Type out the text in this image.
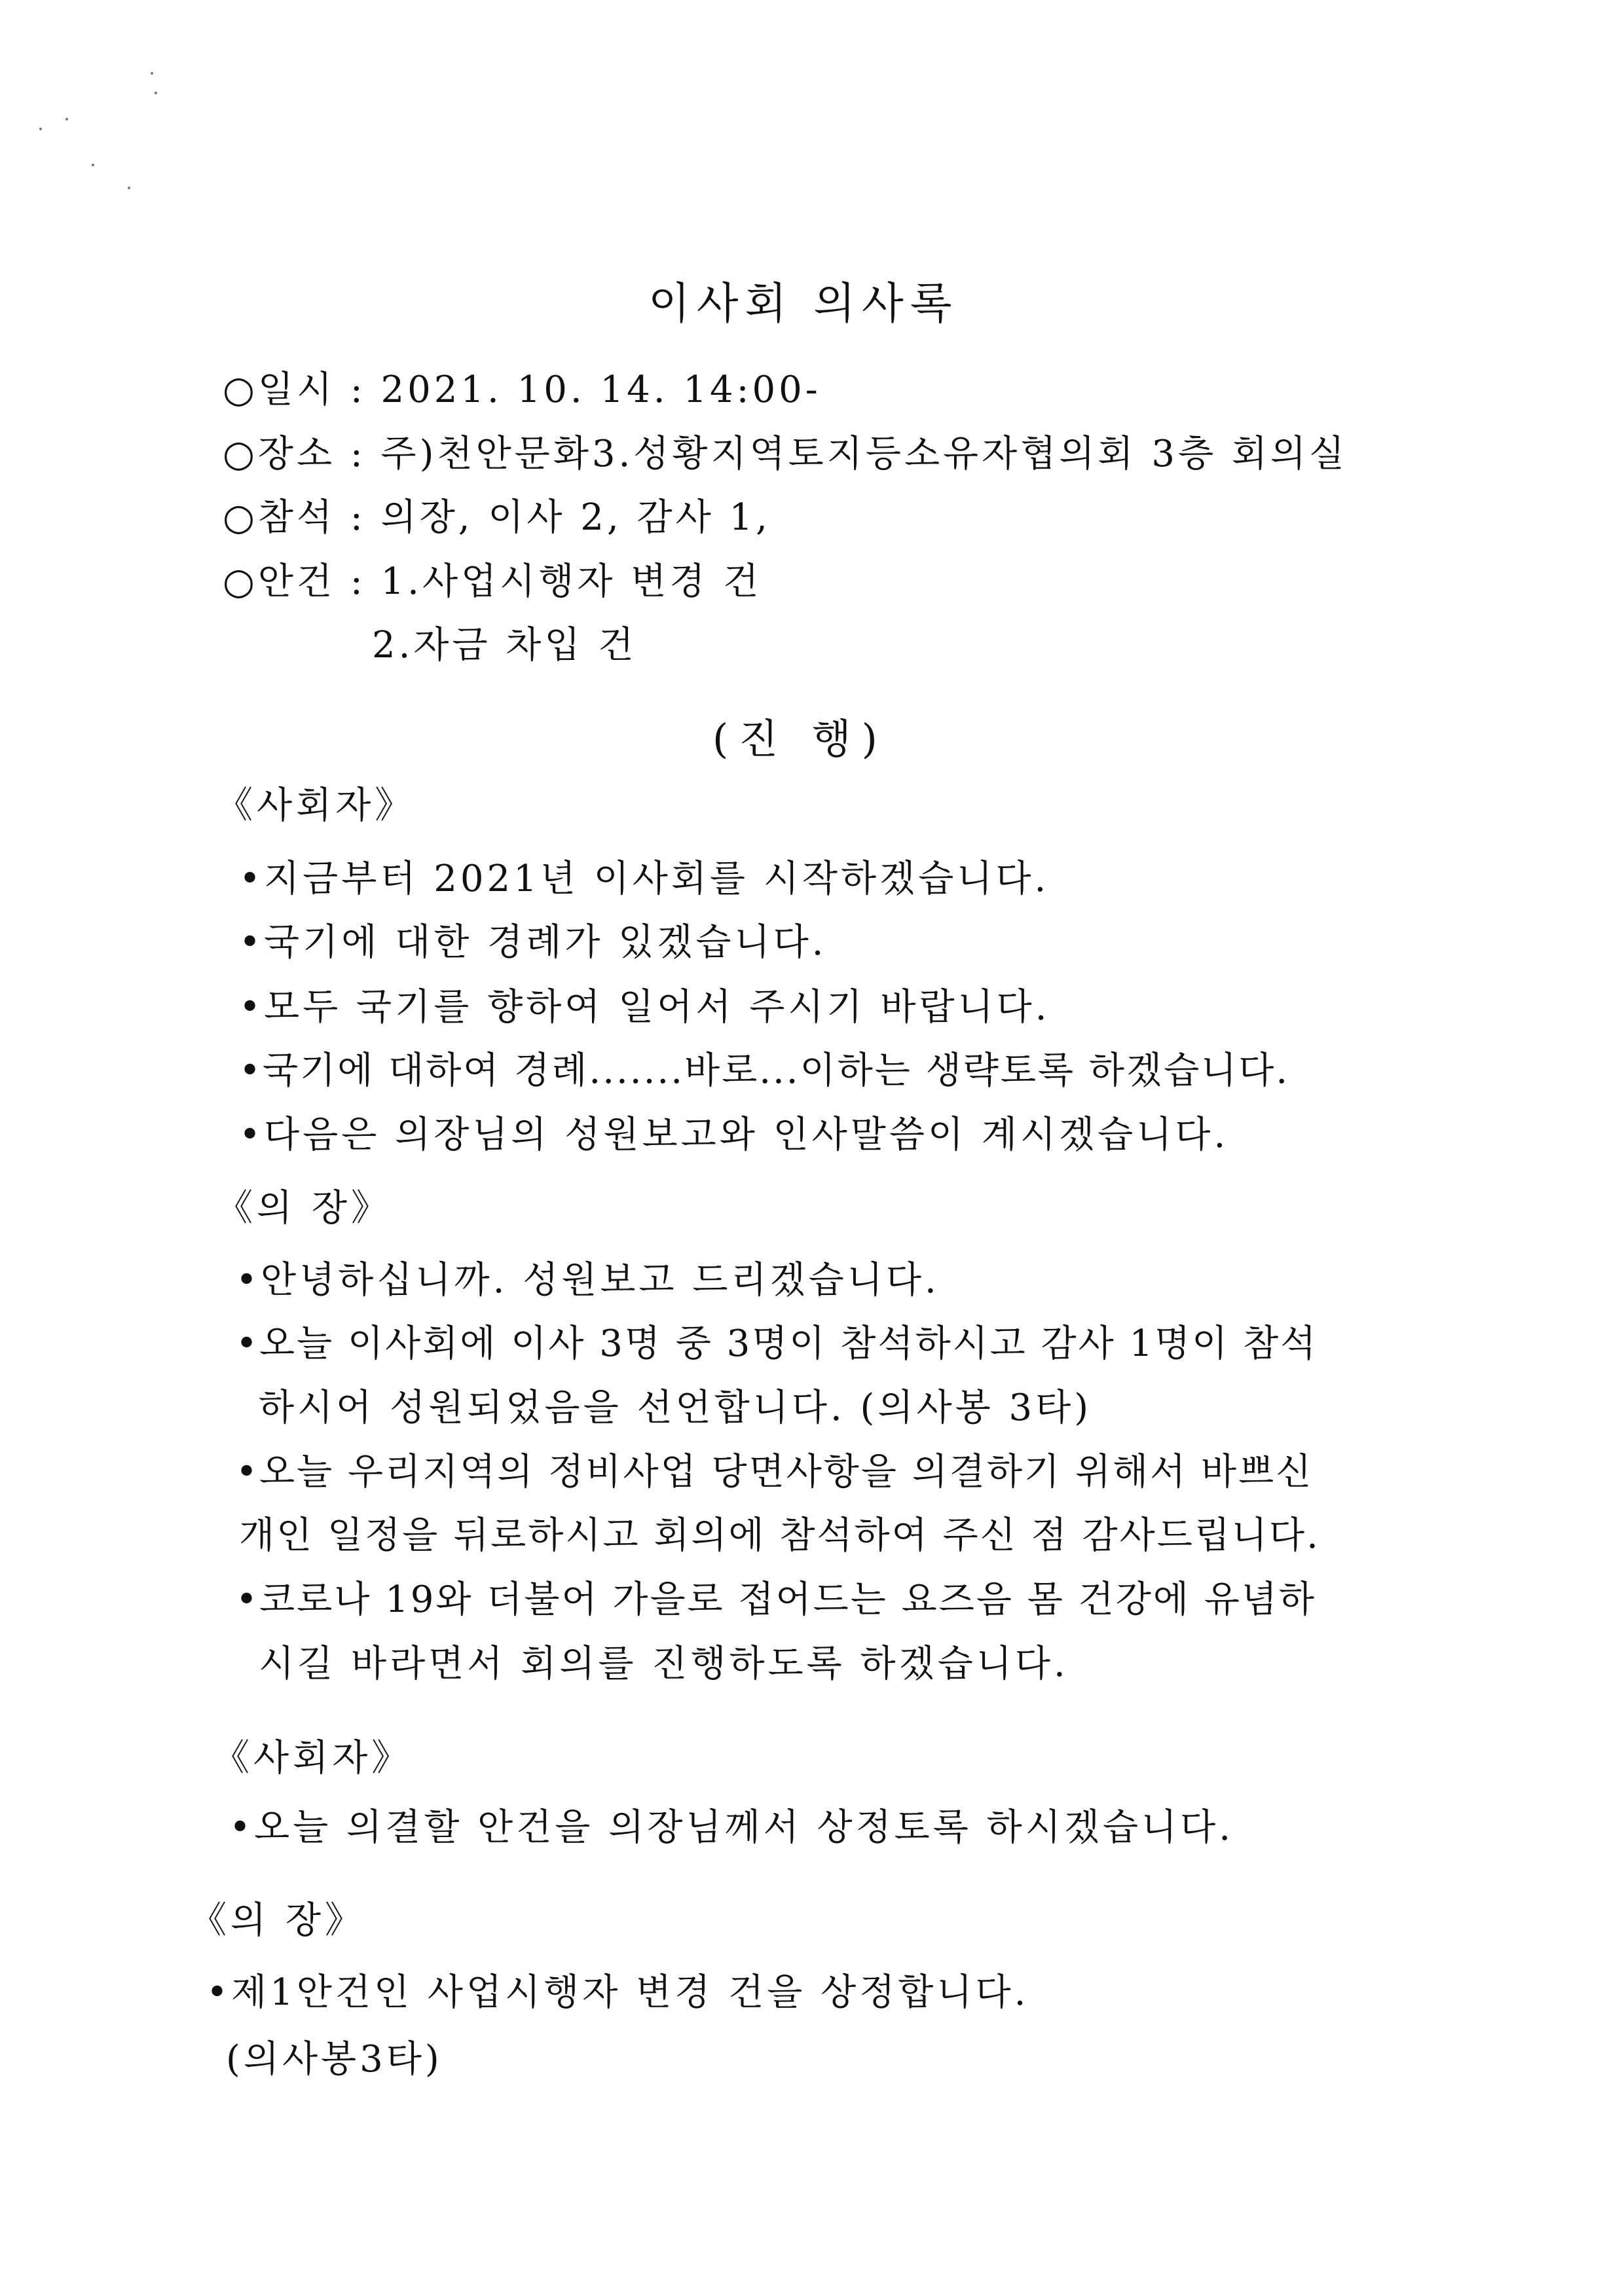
이사회 의사록
○일시 : 2021. 10. 14. 14:00-
○장소 : 주)천안문화3.성황지역토지등소유자협의회 3층 회의실
○참석 : 의장, 이사 2, 감사 1,
○안건 : 1.사업시행자 변경 건
2.자금 차입 건
(진 행)
《사회자》
•지금부터 2021년 이사회를 시작하겠습니다.
•국기에 대한 경례가 있겠습니다.
•모두 국기를 향하여 일어서 주시기 바랍니다.
•국기에 대하여 경례.......바로...이하는 생략토록 하겠습니다.
•다음은 의장님의 성원보고와 인사말씀이 계시겠습니다.
《의 장》
•안녕하십니까. 성원보고 드리겠습니다.
•오늘 이사회에 이사 3명 중 3명이 참석하시고 감사 1명이 참석
하시어 성원되었음을 선언합니다. (의사봉 3타)
•오늘 우리지역의 정비사업 당면사항을 의결하기 위해서 바쁘신
개인 일정을 뒤로하시고 회의에 참석하여 주신 점 감사드립니다.
•코로나 19와 더불어 가을로 접어드는 요즈음 몸 건강에 유념하
시길 바라면서 회의를 진행하도록 하겠습니다.
《사회자》
•오늘 의결할 안건을 의장님께서 상정토록 하시겠습니다.
《의 장》
•제1안건인 사업시행자 변경 건을 상정합니다.
(의사봉3타)
